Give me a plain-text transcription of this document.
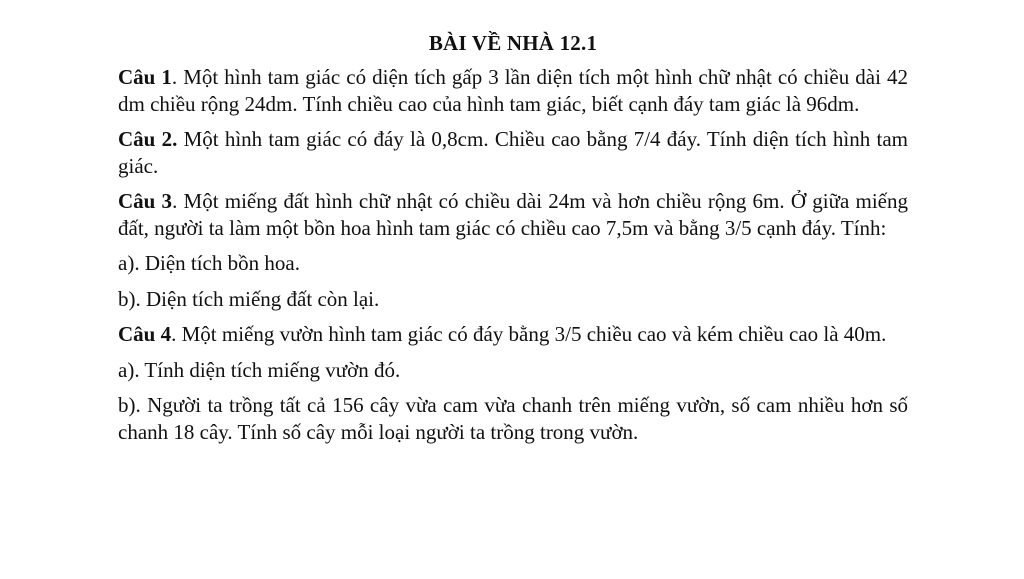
BÀI VỀ NHÀ 12.1

Câu 1. Một hình tam giác có diện tích gấp 3 lần diện tích một hình chữ nhật có chiều dài 42 dm chiều rộng 24dm. Tính chiều cao của hình tam giác, biết cạnh đáy tam giác là 96dm.

Câu 2. Một hình tam giác có đáy là 0,8cm. Chiều cao bằng 7/4 đáy. Tính diện tích hình tam giác.

Câu 3. Một miếng đất hình chữ nhật có chiều dài 24m và hơn chiều rộng 6m. Ở giữa miếng đất, người ta làm một bồn hoa hình tam giác có chiều cao 7,5m và bằng 3/5 cạnh đáy. Tính:

a). Diện tích bồn hoa.

b). Diện tích miếng đất còn lại.

Câu 4. Một miếng vườn hình tam giác có đáy bằng 3/5 chiều cao và kém chiều cao là 40m.

a). Tính diện tích miếng vườn đó.

b). Người ta trồng tất cả 156 cây vừa cam vừa chanh trên miếng vườn, số cam nhiều hơn số chanh 18 cây. Tính số cây mỗi loại người ta trồng trong vườn.
